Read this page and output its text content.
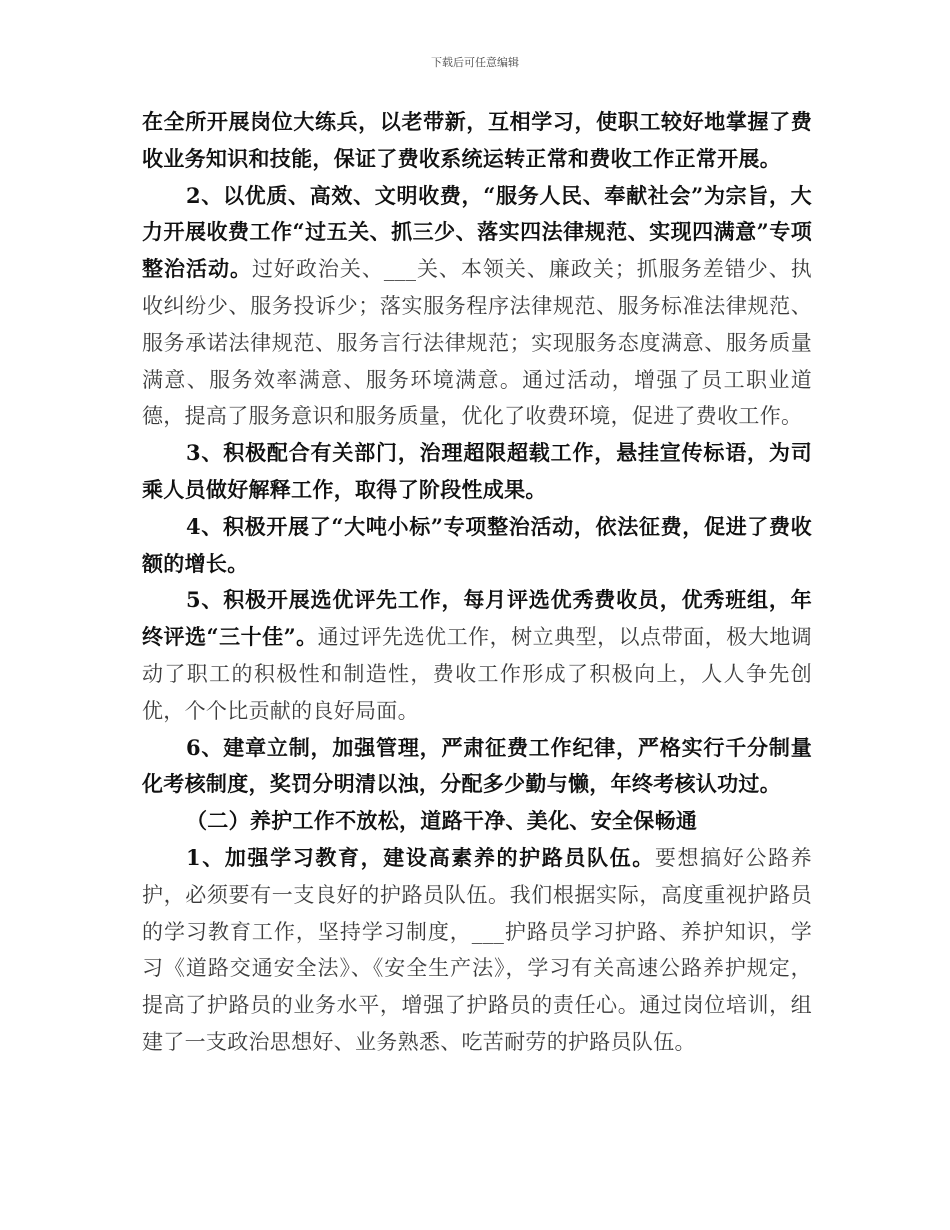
下载后可任意编辑

在全所开展岗位大练兵，以老带新，互相学习，使职工较好地掌握了费收业务知识和技能，保证了费收系统运转正常和费收工作正常开展。

2、以优质、高效、文明收费，“服务人民、奉献社会”为宗旨，大力开展收费工作“过五关、抓三少、落实四法律规范、实现四满意”专项整治活动。过好政治关、___关、本领关、廉政关；抓服务差错少、执收纠纷少、服务投诉少；落实服务程序法律规范、服务标准法律规范、服务承诺法律规范、服务言行法律规范；实现服务态度满意、服务质量满意、服务效率满意、服务环境满意。通过活动，增强了员工职业道德，提高了服务意识和服务质量，优化了收费环境，促进了费收工作。

3、积极配合有关部门，治理超限超载工作，悬挂宣传标语，为司乘人员做好解释工作，取得了阶段性成果。

4、积极开展了“大吨小标”专项整治活动，依法征费，促进了费收额的增长。

5、积极开展选优评先工作，每月评选优秀费收员，优秀班组，年终评选“三十佳”。通过评先选优工作，树立典型，以点带面，极大地调动了职工的积极性和制造性，费收工作形成了积极向上，人人争先创优，个个比贡献的良好局面。

6、建章立制，加强管理，严肃征费工作纪律，严格实行千分制量化考核制度，奖罚分明清以浊，分配多少勤与懒，年终考核认功过。

（二）养护工作不放松，道路干净、美化、安全保畅通

1、加强学习教育，建设高素养的护路员队伍。要想搞好公路养护，必须要有一支良好的护路员队伍。我们根据实际，高度重视护路员的学习教育工作，坚持学习制度，___护路员学习护路、养护知识，学习《道路交通安全法》、《安全生产法》，学习有关高速公路养护规定，提高了护路员的业务水平，增强了护路员的责任心。通过岗位培训，组建了一支政治思想好、业务熟悉、吃苦耐劳的护路员队伍。
